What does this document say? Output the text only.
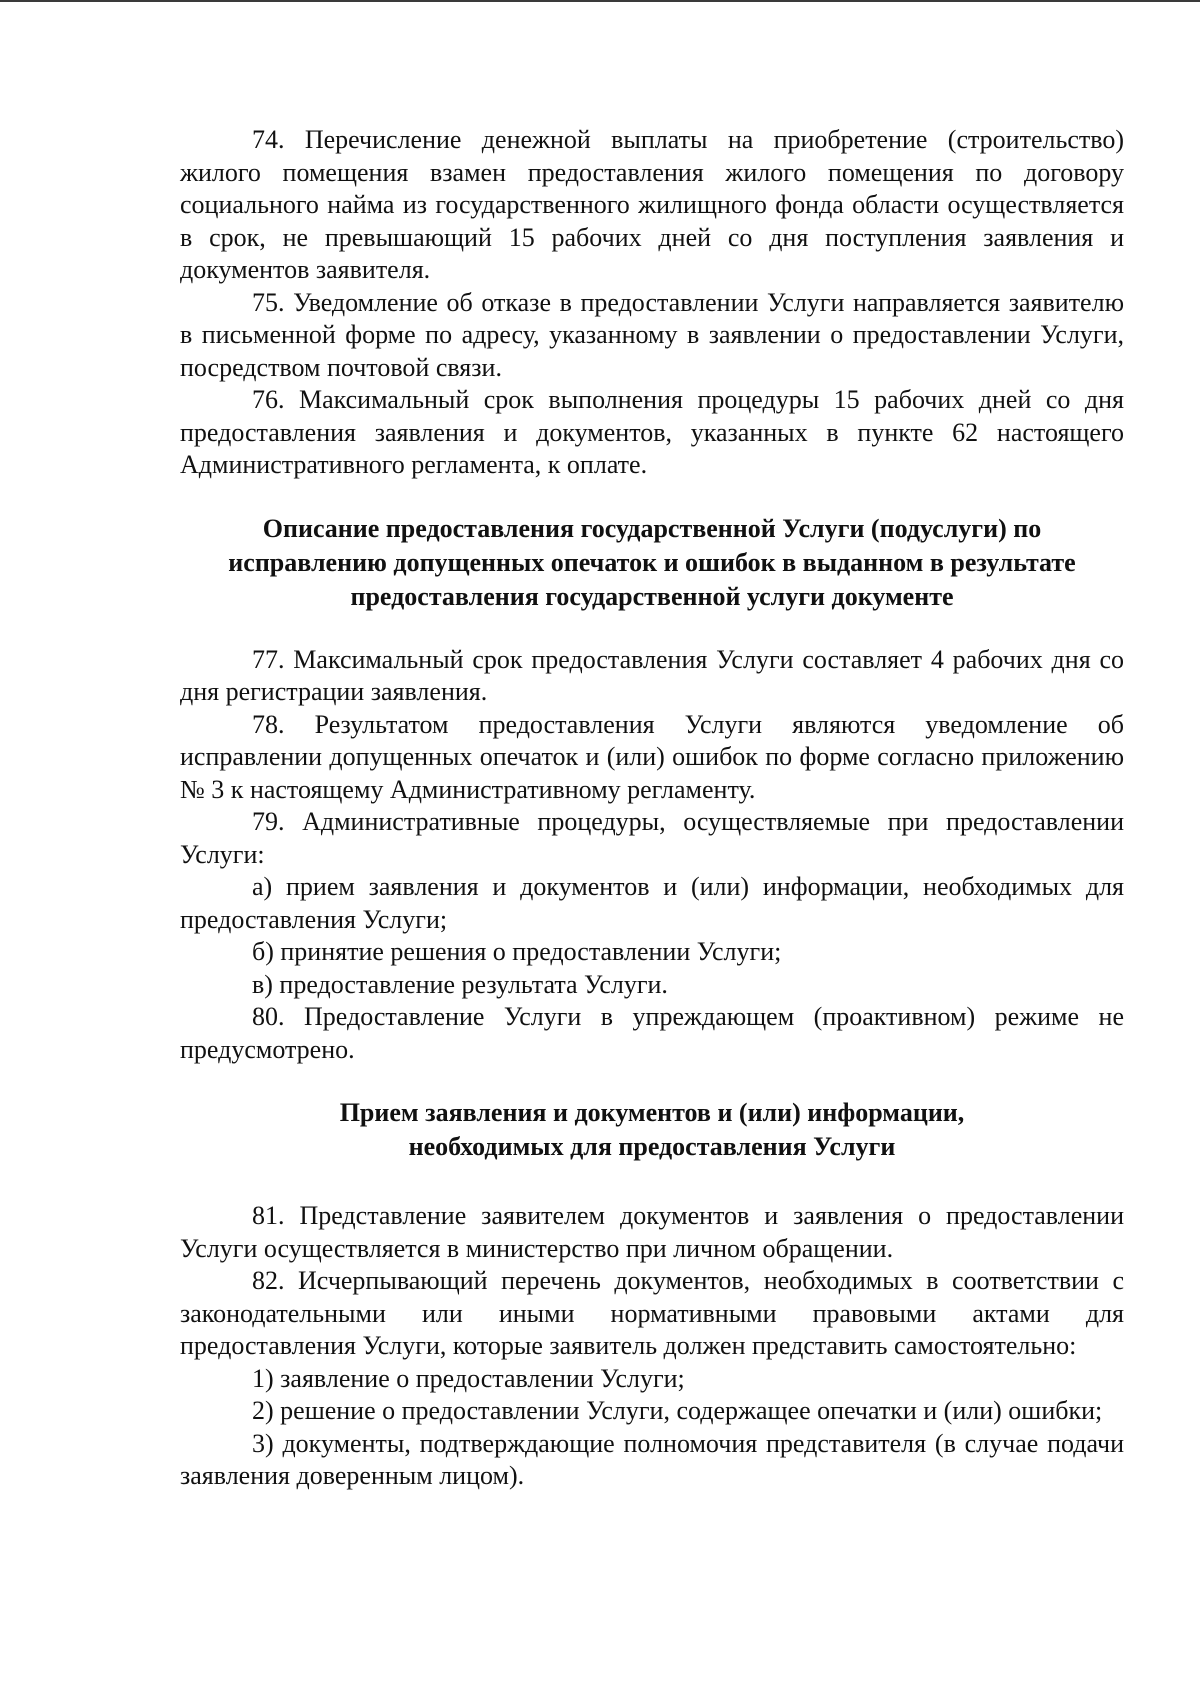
74. Перечисление денежной выплаты на приобретение (строительство) жилого помещения взамен предоставления жилого помещения по договору социального найма из государственного жилищного фонда области осуществляется в срок, не превышающий 15 рабочих дней со дня поступления заявления и документов заявителя.

75. Уведомление об отказе в предоставлении Услуги направляется заявителю в письменной форме по адресу, указанному в заявлении о предоставлении Услуги, посредством почтовой связи.

76. Максимальный срок выполнения процедуры 15 рабочих дней со дня предоставления заявления и документов, указанных в пункте 62 настоящего Административного регламента, к оплате.

Описание предоставления государственной Услуги (подуслуги) по
исправлению допущенных опечаток и ошибок в выданном в результате
предоставления государственной услуги документе

77. Максимальный срок предоставления Услуги составляет 4 рабочих дня со дня регистрации заявления.

78. Результатом предоставления Услуги являются уведомление об исправлении допущенных опечаток и (или) ошибок по форме согласно приложению № 3 к настоящему Административному регламенту.

79. Административные процедуры, осуществляемые при предоставлении Услуги:

а) прием заявления и документов и (или) информации, необходимых для предоставления Услуги;

б) принятие решения о предоставлении Услуги;

в) предоставление результата Услуги.

80. Предоставление Услуги в упреждающем (проактивном) режиме не предусмотрено.

Прием заявления и документов и (или) информации,
необходимых для предоставления Услуги

81. Представление заявителем документов и заявления о предоставлении Услуги осуществляется в министерство при личном обращении.

82. Исчерпывающий перечень документов, необходимых в соответствии с законодательными или иными нормативными правовыми актами для предоставления Услуги, которые заявитель должен представить самостоятельно:

1) заявление о предоставлении Услуги;

2) решение о предоставлении Услуги, содержащее опечатки и (или) ошибки;

3) документы, подтверждающие полномочия представителя (в случае подачи заявления доверенным лицом).
